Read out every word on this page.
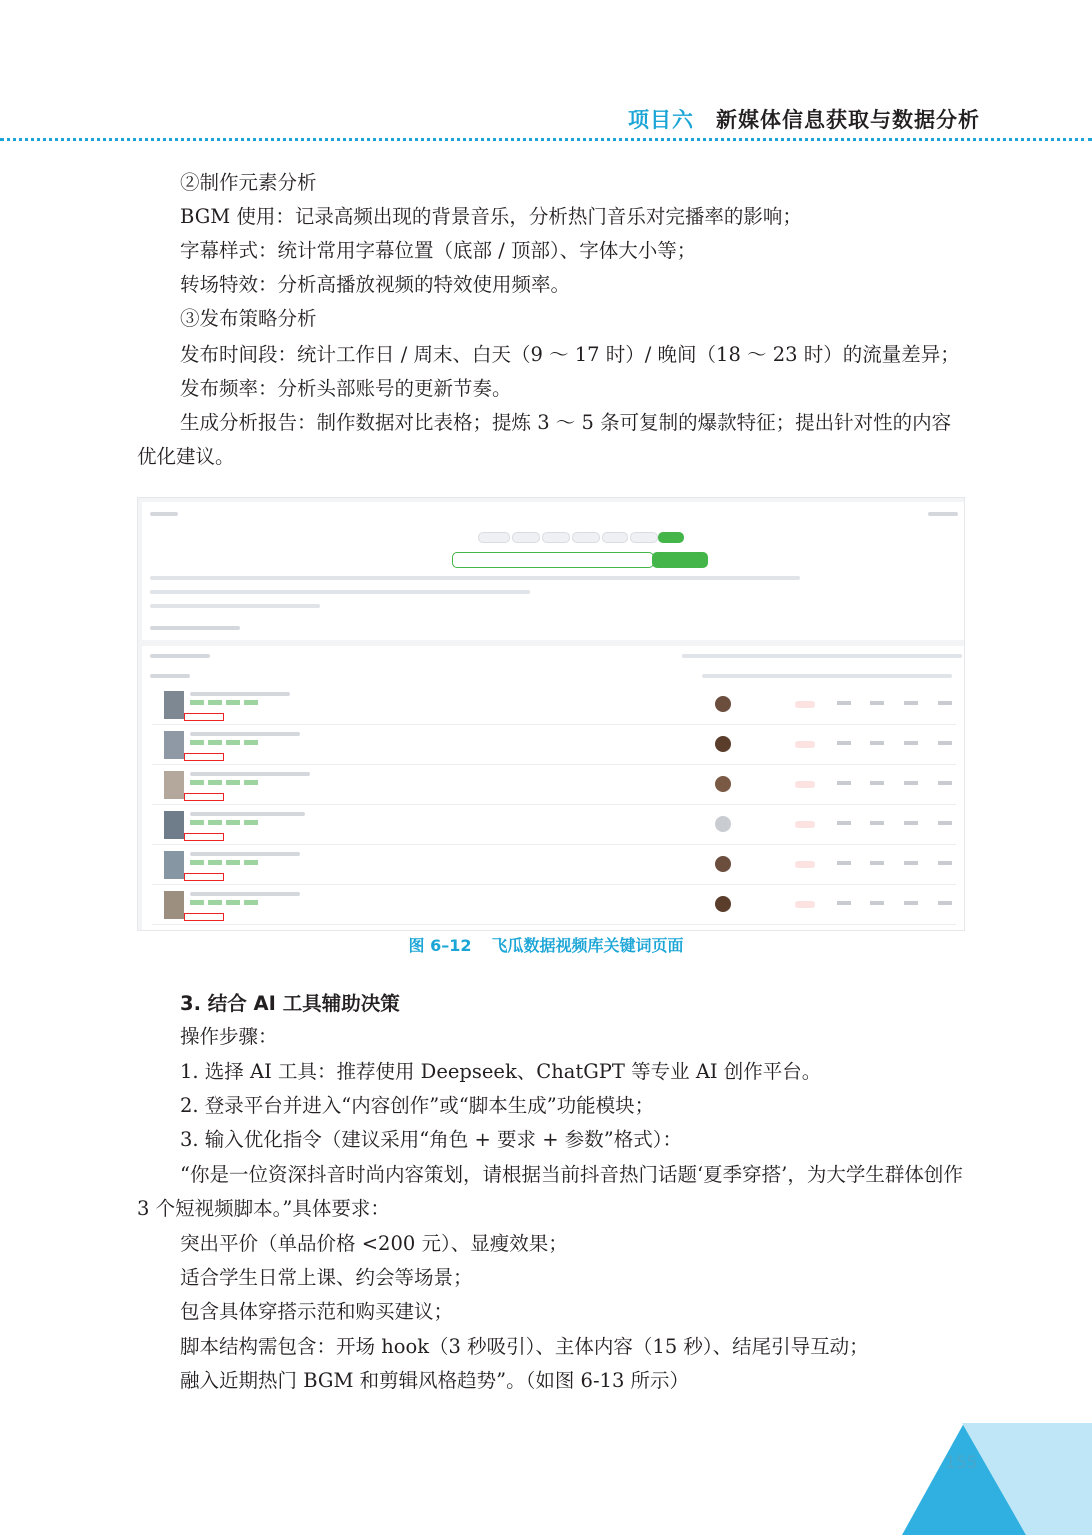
项目六 新媒体信息获取与数据分析
②制作元素分析
BGM 使用：记录高频出现的背景音乐，分析热门音乐对完播率的影响；
字幕样式：统计常用字幕位置（底部 / 顶部）、字体大小等；
转场特效：分析高播放视频的特效使用频率。
③发布策略分析
发布时间段：统计工作日 / 周末、白天（9 ～ 17 时）/ 晚间（18 ～ 23 时）的流量差异；
发布频率：分析头部账号的更新节奏。
生成分析报告：制作数据对比表格；提炼 3 ～ 5 条可复制的爆款特征；提出针对性的内容优化建议。
图 6–12 飞瓜数据视频库关键词页面
3. 结合 AI 工具辅助决策
操作步骤：
1. 选择 AI 工具：推荐使用 Deepseek、ChatGPT 等专业 AI 创作平台。
2. 登录平台并进入“内容创作”或“脚本生成”功能模块；
3. 输入优化指令（建议采用“角色 + 要求 + 参数”格式）：
“你是一位资深抖音时尚内容策划，请根据当前抖音热门话题‘夏季穿搭’，为大学生群体创作 3 个短视频脚本。”具体要求：
突出平价（单品价格 <200 元）、显瘦效果；
适合学生日常上课、约会等场景；
包含具体穿搭示范和购买建议；
脚本结构需包含：开场 hook（3 秒吸引）、主体内容（15 秒）、结尾引导互动；
融入近期热门 BGM 和剪辑风格趋势”。（如图 6-13 所示）
155
